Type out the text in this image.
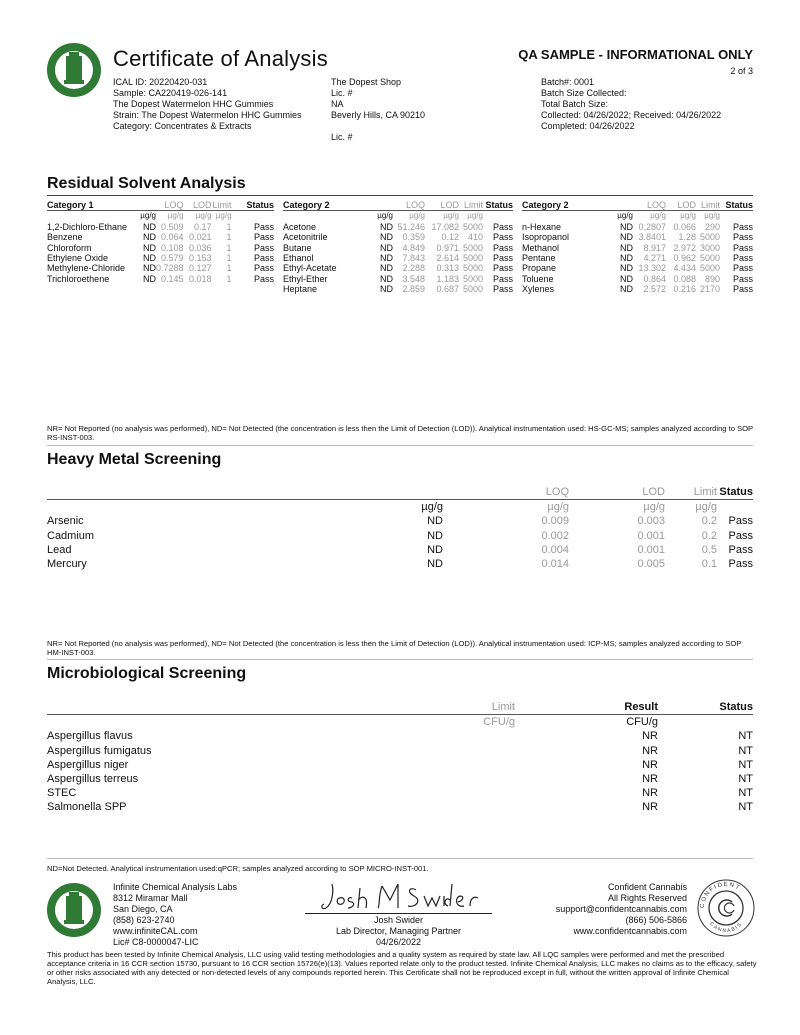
Certificate of Analysis	QA SAMPLE - INFORMATIONAL ONLY
2 of 3
ICAL ID: 20220420-031
Sample: CA220419-026-141
The Dopest Watermelon HHC Gummies
Strain: The Dopest Watermelon HHC Gummies
Category: Concentrates & Extracts
The Dopest Shop
Lic. #
NA
Beverly Hills, CA 90210
Lic. #
Batch#: 0001
Batch Size Collected:
Total Batch Size:
Collected: 04/26/2022; Received: 04/26/2022
Completed: 04/26/2022
Residual Solvent Analysis
Category 1		LOQ	LOD	Limit	Status
	µg/g	µg/g	µg/g	µg/g	
1,2-Dichloro-Ethane	ND	0.509	0.17	1	Pass
Benzene	ND	0.064	0.021	1	Pass
Chloroform	ND	0.108	0.036	1	Pass
Ethylene Oxide	ND	0.579	0.153	1	Pass
Methylene-Chloride	ND	0.7288	0.127	1	Pass
Trichloroethene	ND	0.145	0.018	1	Pass
Category 2		LOQ	LOD	Limit	Status
	µg/g	µg/g	µg/g	µg/g	
Acetone	ND	51.246	17.082	5000	Pass
Acetonitrile	ND	0.359	0.12	410	Pass
Butane	ND	4.849	0.971	5000	Pass
Ethanol	ND	7.843	2.614	5000	Pass
Ethyl-Acetate	ND	2.288	0.313	5000	Pass
Ethyl-Ether	ND	3.548	1.183	5000	Pass
Heptane	ND	2.859	0.687	5000	Pass
Category 2		LOQ	LOD	Limit	Status
	µg/g	µg/g	µg/g	µg/g	
n-Hexane	ND	0.2807	0.066	290	Pass
Isopropanol	ND	3.8401	1.28	5000	Pass
Methanol	ND	8.917	2.972	3000	Pass
Pentane	ND	4.271	0.962	5000	Pass
Propane	ND	13.302	4.434	5000	Pass
Toluene	ND	0.864	0.088	890	Pass
Xylenes	ND	2.572	0.216	2170	Pass
NR= Not Reported (no analysis was performed), ND= Not Detected (the concentration is less then the Limit of Detection (LOD)). Analytical instrumentation used: HS-GC-MS; samples analyzed according to SOP RS-INST-003.
Heavy Metal Screening
		LOQ	LOD	Limit	Status
	µg/g	µg/g	µg/g	µg/g	
Arsenic	ND	0.009	0.003	0.2	Pass
Cadmium	ND	0.002	0.001	0.2	Pass
Lead	ND	0.004	0.001	0.5	Pass
Mercury	ND	0.014	0.005	0.1	Pass
NR= Not Reported (no analysis was performed), ND= Not Detected (the concentration is less then the Limit of Detection (LOD)). Analytical instrumentation used: ICP-MS; samples analyzed according to SOP HM-INST-003.
Microbiological Screening
	Limit	Result	Status
	CFU/g	CFU/g	
Aspergillus flavus		NR	NT
Aspergillus fumigatus		NR	NT
Aspergillus niger		NR	NT
Aspergillus terreus		NR	NT
STEC		NR	NT
Salmonella SPP		NR	NT
ND=Not Detected. Analytical instrumentation used:qPCR; samples analyzed according to SOP MICRO-INST-001.
Infinite Chemical Analysis Labs
8312 Miramar Mall
San Diego, CA
(858) 623-2740
www.infiniteCAL.com
Lic# C8-0000047-LIC
Josh Swider
Lab Director, Managing Partner
04/26/2022
Confident Cannabis
All Rights Reserved
support@confidentcannabis.com
(866) 506-5866
www.confidentcannabis.com
CONFIDENT
CANNABIS
This product has been tested by Infinite Chemical Analysis, LLC using valid testing methodologies and a quality system as required by state law. All LQC samples were performed and met the prescribed acceptance criteria in 16 CCR section 15730, pursuant to 16 CCR section 15726(e)(13). Values reported relate only to the product tested. Infinite Chemical Analysis, LLC makes no claims as to the efficacy, safety or other risks associated with any detected or non-detected levels of any compounds reported herein. This Certificate shall not be reproduced except in full, without the written approval of Infinite Chemical Analysis, LLC.
